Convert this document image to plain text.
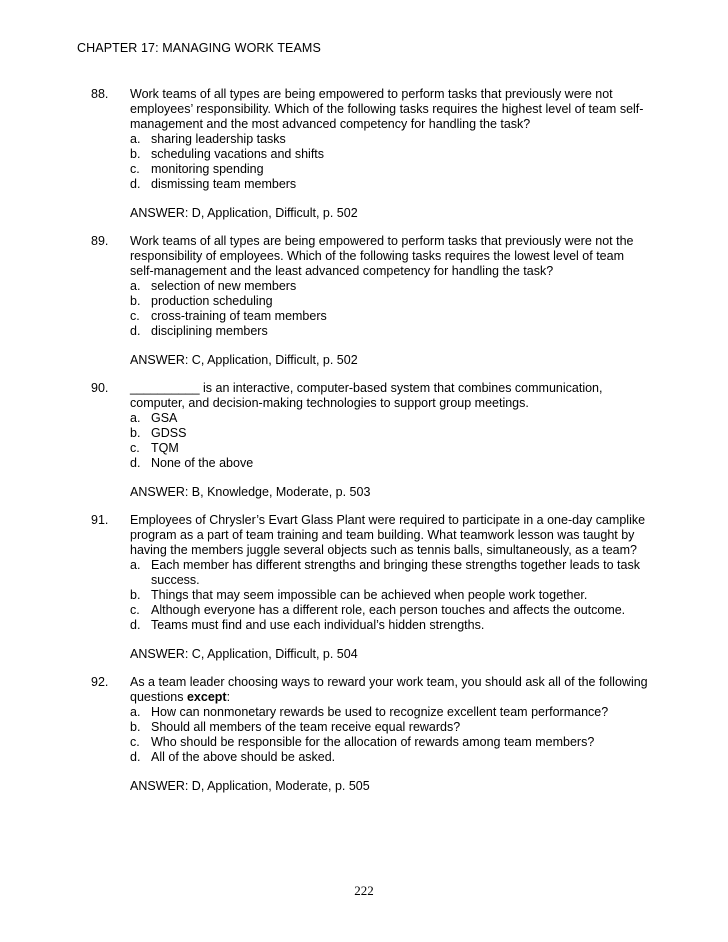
CHAPTER 17: MANAGING WORK TEAMS
88. Work teams of all types are being empowered to perform tasks that previously were not employees’ responsibility. Which of the following tasks requires the highest level of team self-management and the most advanced competency for handling the task?

a. sharing leadership tasks
b. scheduling vacations and shifts
c. monitoring spending
d. dismissing team members
ANSWER: D, Application, Difficult, p. 502
89. Work teams of all types are being empowered to perform tasks that previously were not the responsibility of employees. Which of the following tasks requires the lowest level of team self-management and the least advanced competency for handling the task?

a. selection of new members
b. production scheduling
c. cross-training of team members
d. disciplining members
ANSWER: C, Application, Difficult, p. 502
90. __________ is an interactive, computer-based system that combines communication, computer, and decision-making technologies to support group meetings.

a. GSA
b. GDSS
c. TQM
d. None of the above
ANSWER: B, Knowledge, Moderate, p. 503
91. Employees of Chrysler’s Evart Glass Plant were required to participate in a one-day camplike program as a part of team training and team building. What teamwork lesson was taught by having the members juggle several objects such as tennis balls, simultaneously, as a team?

a. Each member has different strengths and bringing these strengths together leads to task success.
b. Things that may seem impossible can be achieved when people work together.
c. Although everyone has a different role, each person touches and affects the outcome.
d. Teams must find and use each individual’s hidden strengths.
ANSWER: C, Application, Difficult, p. 504
92. As a team leader choosing ways to reward your work team, you should ask all of the following questions except:

a. How can nonmonetary rewards be used to recognize excellent team performance?
b. Should all members of the team receive equal rewards?
c. Who should be responsible for the allocation of rewards among team members?
d. All of the above should be asked.
ANSWER: D, Application, Moderate, p. 505
222
